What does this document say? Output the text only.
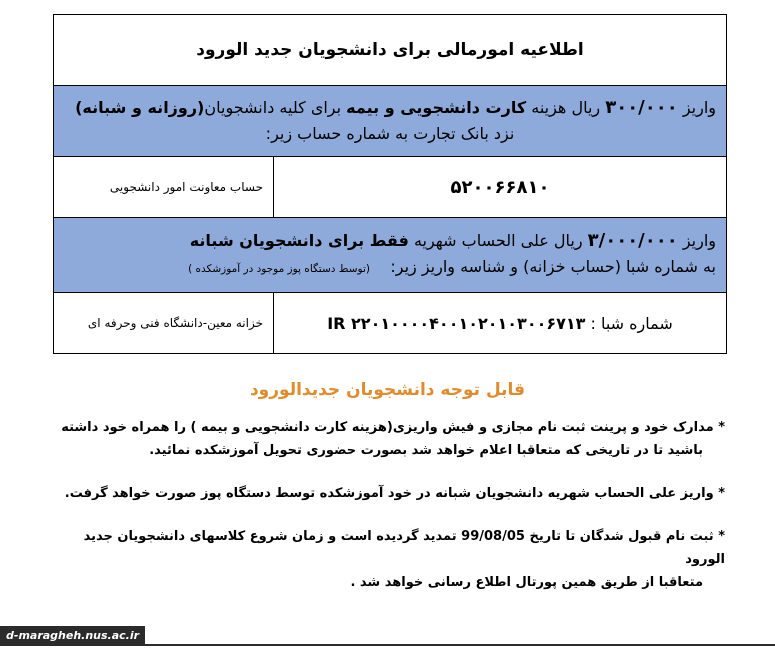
اطلاعیه امورمالی برای دانشجویان جدید الورود	

واریز ۳۰۰/۰۰۰ ریال هزینه کارت دانشجویی و بیمه برای کلیه دانشجویان(روزانه و شبانه)
نزد بانک تجارت به شماره حساب زیر:	

۵۲۰۰۶۶۸۱۰	حساب معاونت امور دانشجویی

واریز ۳/۰۰۰/۰۰۰ ریال علی الحساب شهریه فقط برای دانشجویان شبانه
به شماره شبا (حساب خزانه) و شناسه واریز زیر:    (توسط دستگاه پوز موجود در آموزشکده )	

شماره شبا : IR ۲۲۰۱۰۰۰۰۴۰۰۱۰۲۰۱۰۳۰۰۶۷۱۳	خزانه معین-دانشگاه فنی وحرفه ای
قابل توجه دانشجویان جدیدالورود
* مدارک خود و پرینت ثبت نام مجازی و فیش واریزی(هزینه کارت دانشجویی و بیمه ) را همراه خود داشته
باشید تا در تاریخی که متعاقبا اعلام خواهد شد بصورت حضوری تحویل آموزشکده نمائید.
* واریز علی الحساب شهریه دانشجویان شبانه در خود آموزشکده توسط دستگاه پوز صورت خواهد گرفت.
* ثبت نام قبول شدگان تا تاریخ 99/08/05 تمدید گردیده است و زمان شروع کلاسهای دانشجویان جدید الورود
متعاقبا از طریق همین پورتال اطلاع رسانی خواهد شد .
d-maragheh.nus.ac.ir
